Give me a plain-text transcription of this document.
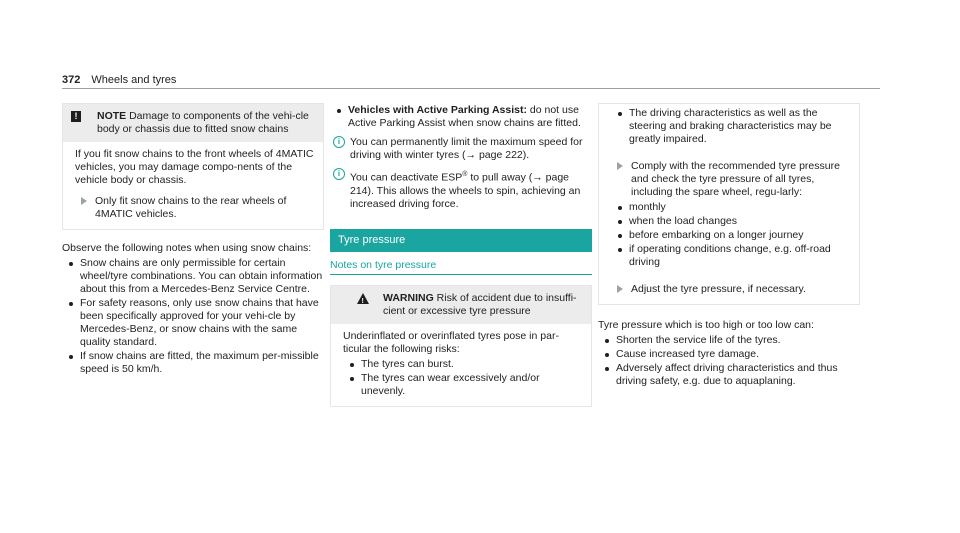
372 Wheels and tyres
!	NOTE Damage to components of the vehi-cle body or chassis due to fitted snow chains

If you fit snow chains to the front wheels of 4MATIC vehicles, you may damage compo-nents of the vehicle body or chassis.

Only fit snow chains to the rear wheels of 4MATIC vehicles.

Observe the following notes when using snow chains:

Snow chains are only permissible for certain wheel/tyre combinations. You can obtain information about this from a Mercedes-Benz Service Centre.
For safety reasons, only use snow chains that have been specifically approved for your vehi-cle by Mercedes-Benz, or snow chains with the same quality standard.
If snow chains are fitted, the maximum per-missible speed is 50 km/h.
Vehicles with Active Parking Assist: do not use Active Parking Assist when snow chains are fitted.
i You can permanently limit the maximum speed for driving with winter tyres (→ page 222).
i You can deactivate ESP® to pull away (→ page 214). This allows the wheels to spin, achieving an increased driving force.
Tyre pressure
Notes on tyre pressure
!
WARNING Risk of accident due to insuffi-cient or excessive tyre pressure

Underinflated or overinflated tyres pose in par-ticular the following risks:

The tyres can burst.
The tyres can wear excessively and/or unevenly.
The driving characteristics as well as the steering and braking characteristics may be greatly impaired.
Comply with the recommended tyre pressure and check the tyre pressure of all tyres, including the spare wheel, regu-larly:
monthly
when the load changes
before embarking on a longer journey
if operating conditions change, e.g. off-road driving
Adjust the tyre pressure, if necessary.

Tyre pressure which is too high or too low can:

Shorten the service life of the tyres.
Cause increased tyre damage.
Adversely affect driving characteristics and thus driving safety, e.g. due to aquaplaning.
